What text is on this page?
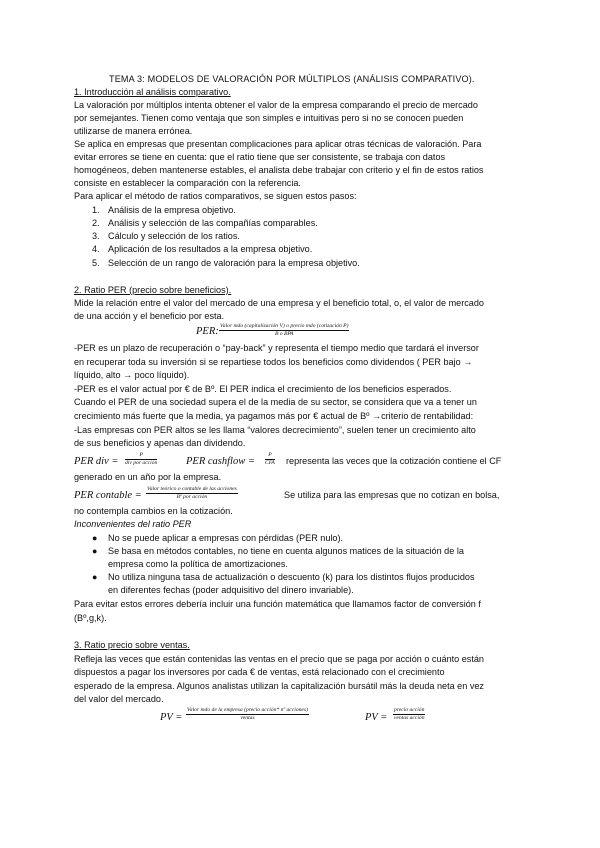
TEMA 3: MODELOS DE VALORACIÓN POR MÚLTIPLOS (ANÁLISIS COMPARATIVO).
1. Introducción al análisis comparativo.
La valoración por múltiplos intenta obtener el valor de la empresa comparando el precio de mercado
por semejantes. Tienen como ventaja que son simples e intuitivas pero si no se conocen pueden
utilizarse de manera errónea.
Se aplica en empresas que presentan complicaciones para aplicar otras técnicas de valoración. Para
evitar errores se tiene en cuenta: que el ratio tiene que ser consistente, se trabaja con datos
homogéneos, deben mantenerse estables, el analista debe trabajar con criterio y el fin de estos ratios
consiste en establecer la comparación con la referencia.
Para aplicar el método de ratios comparativos, se siguen estos pasos:
1. Análisis de la empresa objetivo.
2. Análisis y selección de las compañías comparables.
3. Cálculo y selección de los ratios.
4. Aplicación de los resultados a la empresa objetivo.
5. Selección de un rango de valoración para la empresa objetivo.
2. Ratio PER (precio sobre beneficios).
Mide la relación entre el valor del mercado de una empresa y el beneficio total, o, el valor de mercado
de una acción y el beneficio por esta.
PER: Valor mdo (capitalización V) o precio mdo (cotización P)
B o BPA
-PER es un plazo de recuperación o “pay-back” y representa el tiempo medio que tardará el inversor
en recuperar toda su inversión si se repartiese todos los beneficios como dividendos ( PER bajo →
líquido, alto → poco líquido).
-PER es el valor actual por € de Bº. El PER indica el crecimiento de los beneficios esperados.
Cuando el PER de una sociedad supera el de la media de su sector, se considera que va a tener un
crecimiento más fuerte que la media, ya pagamos más por € actual de Bº →criterio de rentabilidad:
-Las empresas con PER altos se les llama “valores decrecimiento”, suelen tener un crecimiento alto
de sus beneficios y apenas dan dividendo.
PER div =
P
div por acción	PER cashflow =
P
CFA representa las veces que la cotización contiene el CF
generado en un año por la empresa.
PER contable =
Valor teórico o contable de las acciones
Bº por acción	Se utiliza para las empresas que no cotizan en bolsa,
no contempla cambios en la cotización.
Inconvenientes del ratio PER
● No se puede aplicar a empresas con pérdidas (PER nulo).
● Se basa en métodos contables, no tiene en cuenta algunos matices de la situación de la
empresa como la política de amortizaciones.
● No utiliza ninguna tasa de actualización o descuento (k) para los distintos flujos producidos
en diferentes fechas (poder adquisitivo del dinero invariable).
Para evitar estos errores debería incluir una función matemática que llamamos factor de conversión f
(Bº,g,k).
3. Ratio precio sobre ventas.
Refleja las veces que están contenidas las ventas en el precio que se paga por acción o cuánto están
dispuestos a pagar los inversores por cada € de ventas, está relacionado con el crecimiento
esperado de la empresa. Algunos analistas utilizan la capitalización bursátil más la deuda neta en vez
del valor del mercado.
PV =
Valor mdo de la empresa (precio acción* nº acciones)
ventas	PV =
precio acción
ventas acción
